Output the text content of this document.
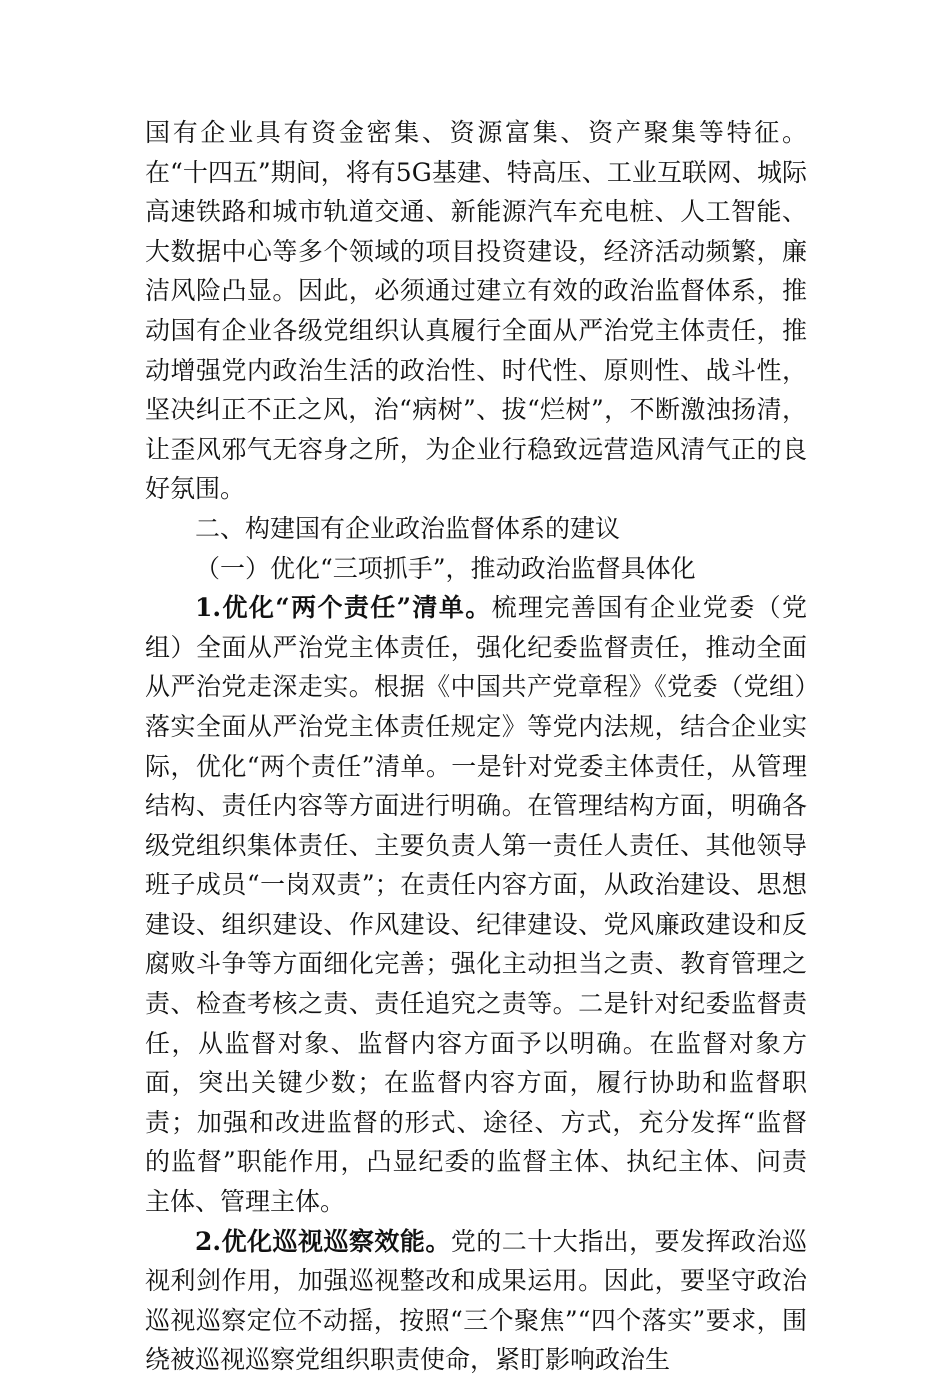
国有企业具有资金密集、资源富集、资产聚集等特征。在“十四五”期间，将有5G基建、特高压、工业互联网、城际高速铁路和城市轨道交通、新能源汽车充电桩、人工智能、大数据中心等多个领域的项目投资建设，经济活动频繁，廉洁风险凸显。因此，必须通过建立有效的政治监督体系，推动国有企业各级党组织认真履行全面从严治党主体责任，推动增强党内政治生活的政治性、时代性、原则性、战斗性，坚决纠正不正之风，治“病树”、拔“烂树”，不断激浊扬清，让歪风邪气无容身之所，为企业行稳致远营造风清气正的良好氛围。

二、构建国有企业政治监督体系的建议

（一）优化“三项抓手”，推动政治监督具体化

1.优化“两个责任”清单。梳理完善国有企业党委（党组）全面从严治党主体责任，强化纪委监督责任，推动全面从严治党走深走实。根据《中国共产党章程》《党委（党组）落实全面从严治党主体责任规定》等党内法规，结合企业实际，优化“两个责任”清单。一是针对党委主体责任，从管理结构、责任内容等方面进行明确。在管理结构方面，明确各级党组织集体责任、主要负责人第一责任人责任、其他领导班子成员“一岗双责”；在责任内容方面，从政治建设、思想建设、组织建设、作风建设、纪律建设、党风廉政建设和反腐败斗争等方面细化完善；强化主动担当之责、教育管理之责、检查考核之责、责任追究之责等。二是针对纪委监督责任，从监督对象、监督内容方面予以明确。在监督对象方面，突出关键少数；在监督内容方面，履行协助和监督职责；加强和改进监督的形式、途径、方式，充分发挥“监督的监督”职能作用，凸显纪委的监督主体、执纪主体、问责主体、管理主体。

2.优化巡视巡察效能。党的二十大指出，要发挥政治巡视利剑作用，加强巡视整改和成果运用。因此，要坚守政治巡视巡察定位不动摇，按照“三个聚焦”“四个落实”要求，围绕被巡视巡察党组织职责使命，紧盯影响政治生
